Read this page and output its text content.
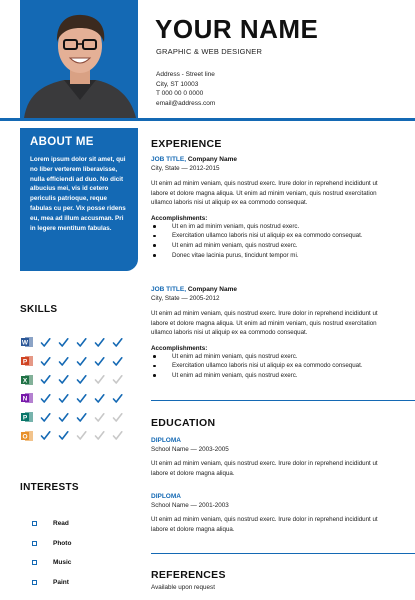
YOUR NAME
GRAPHIC & WEB DESIGNER
Address - Street line
City, ST 10003
T 000 00 0 0000
email@address.com
ABOUT ME

Lorem ipsum dolor sit amet, qui no liber verterem liberavisse, nulla efficiendi ad duo. No dicit albucius mei, vis id cetero periculis patrioque, reque fabulas cu per. Vix posse ridens eu, mea ad illum accusman. Pri in legere mentitum fabulas.

SKILLS
W
P
X
N
P
O
INTERESTS
Read
Photo
Music
Paint
EXPERIENCE
JOB TITLE, Company Name
City, State — 2012-2015
Ut enim ad minim veniam, quis nostrud exerc. Irure dolor in reprehend incididunt ut labore et dolore magna aliqua. Ut enim ad minim veniam, quis nostrud exercitation ullamco laboris nisi ut aliquip ex ea commodo consequat.
Accomplishments:
Ut en im ad minim veniam, quis nostrud exerc.
Exercitation ullamco laboris nisi ut aliquip ex ea commodo consequat.
Ut enim ad minim veniam, quis nostrud exerc.
Donec vitae lacinia purus, tincidunt tempor mi.
JOB TITLE, Company Name
City, State — 2005-2012
Ut enim ad minim veniam, quis nostrud exerc. Irure dolor in reprehend incididunt ut labore et dolore magna aliqua. Ut enim ad minim veniam, quis nostrud exercitation ullamco laboris nisi ut aliquip ex ea commodo consequat.
Accomplishments:
Ut enim ad minim veniam, quis nostrud exerc.
Exercitation ullamco laboris nisi ut aliquip ex ea commodo consequat.
Ut enim ad minim veniam, quis nostrud exerc.
EDUCATION
DIPLOMA
School Name — 2003-2005
Ut enim ad minim veniam, quis nostrud exerc. Irure dolor in reprehend incididunt ut labore et dolore magna aliqua.
DIPLOMA
School Name — 2001-2003
Ut enim ad minim veniam, quis nostrud exerc. Irure dolor in reprehend incididunt ut labore et dolore magna aliqua.
REFERENCES
Available upon request
